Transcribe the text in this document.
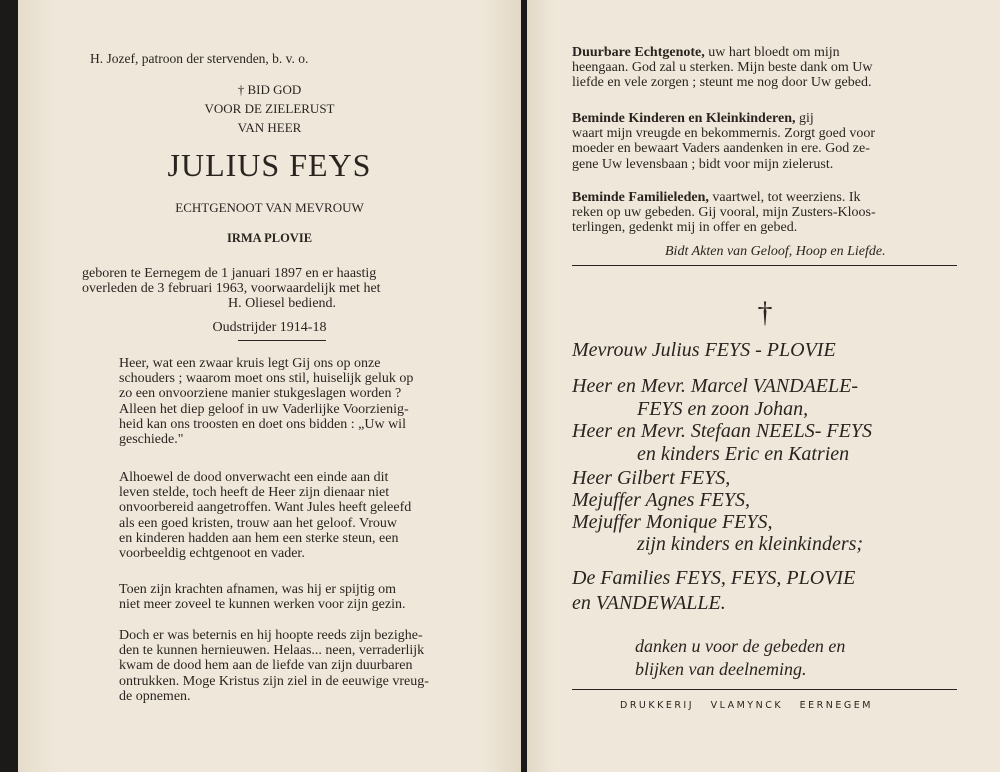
H. Jozef, patroon der stervenden, b. v. o.
† BID GOD
VOOR DE ZIELERUST
VAN HEER
JULIUS FEYS
ECHTGENOOT VAN MEVROUW
IRMA PLOVIE
geboren te Eernegem de 1 januari 1897 en er haastig
overleden de 3 februari 1963, voorwaardelijk met het
H. Oliesel bediend.
Oudstrijder 1914-18
Heer, wat een zwaar kruis legt Gij ons op onze
schouders ; waarom moet ons stil, huiselijk geluk op
zo een onvoorziene manier stukgeslagen worden ?
Alleen het diep geloof in uw Vaderlijke Voorzienig-
heid kan ons troosten en doet ons bidden : „Uw wil
geschiede."
Alhoewel de dood onverwacht een einde aan dit
leven stelde, toch heeft de Heer zijn dienaar niet
onvoorbereid aangetroffen. Want Jules heeft geleefd
als een goed kristen, trouw aan het geloof. Vrouw
en kinderen hadden aan hem een sterke steun, een
voorbeeldig echtgenoot en vader.
Toen zijn krachten afnamen, was hij er spijtig om
niet meer zoveel te kunnen werken voor zijn gezin.
Doch er was beternis en hij hoopte reeds zijn bezighe-
den te kunnen hernieuwen. Helaas... neen, verraderlijk
kwam de dood hem aan de liefde van zijn duurbaren
ontrukken. Moge Kristus zijn ziel in de eeuwige vreug-
de opnemen.
Duurbare Echtgenote, uw hart bloedt om mijn
heengaan. God zal u sterken. Mijn beste dank om Uw
liefde en vele zorgen ; steunt me nog door Uw gebed.
Beminde Kinderen en Kleinkinderen, gij
waart mijn vreugde en bekommernis. Zorgt goed voor
moeder en bewaart Vaders aandenken in ere. God ze-
gene Uw levensbaan ; bidt voor mijn zielerust.
Beminde Familieleden, vaartwel, tot weerziens. Ik
reken op uw gebeden. Gij vooral, mijn Zusters-Kloos-
terlingen, gedenkt mij in offer en gebed.
Bidt Akten van Geloof, Hoop en Liefde.
†
Mevrouw Julius FEYS - PLOVIE
Heer en Mevr. Marcel VANDAELE-
FEYS en zoon Johan,
Heer en Mevr. Stefaan NEELS- FEYS
en kinders Eric en Katrien
Heer Gilbert FEYS,
Mejuffer Agnes FEYS,
Mejuffer Monique FEYS,
zijn kinders en kleinkinders;
De Families FEYS, FEYS, PLOVIE
en VANDEWALLE.
danken u voor de gebeden en
blijken van deelneming.
DRUKKERIJ   VLAMYNCK   EERNEGEM
